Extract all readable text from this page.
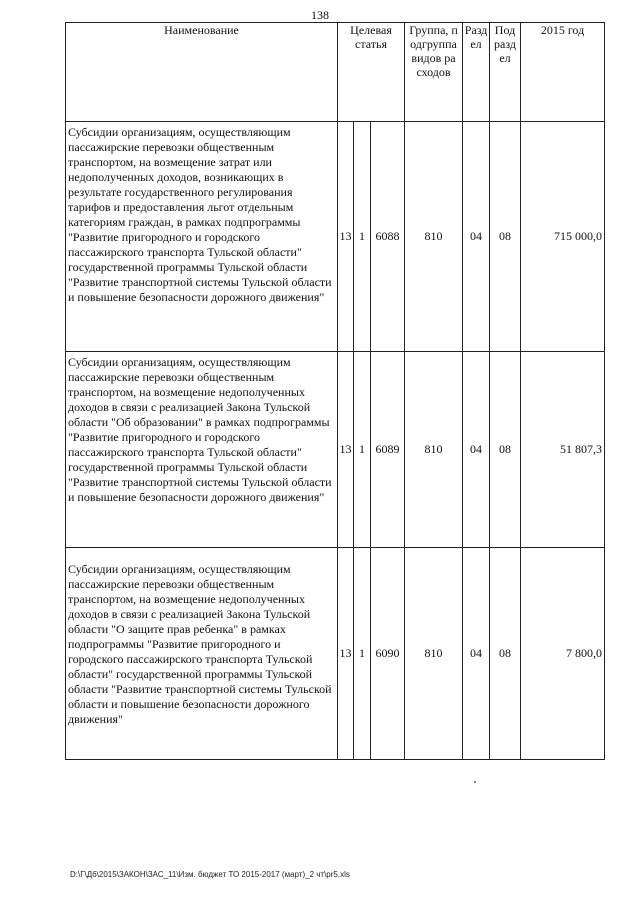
138
Наименование	Целевая статья			Группа, подгруппа видов расходов	Раздел	Подраздел	2015 год
Субсидии организациям, осуществляющим пассажирские перевозки общественным транспортом, на возмещение затрат или недополученных доходов, возникающих в результате государственного регулирования тарифов и предоставления льгот отдельным категориям граждан, в рамках подпрограммы "Развитие пригородного и городского пассажирского транспорта Тульской области" государственной программы Тульской области "Развитие транспортной системы Тульской области и повышение безопасности дорожного движения"	13	1	6088	810	04	08	715 000,0
Субсидии организациям, осуществляющим пассажирские перевозки общественным транспортом, на возмещение недополученных доходов в связи с реализацией Закона Тульской области "Об образовании" в рамках подпрограммы "Развитие пригородного и городского пассажирского транспорта Тульской области" государственной программы Тульской области "Развитие транспортной системы Тульской области и повышение безопасности дорожного движения"	13	1	6089	810	04	08	51 807,3
Субсидии организациям, осуществляющим пассажирские перевозки общественным транспортом, на возмещение недополученных доходов в связи с реализацией Закона Тульской области "О защите прав ребенка" в рамках подпрограммы "Развитие пригородного и городского пассажирского транспорта Тульской области" государственной программы Тульской области "Развитие транспортной системы Тульской области и повышение безопасности дорожного движения"	13	1	6090	810	04	08	7 800,0
D:\Г\Д6\2015\ЗАКОН\ЗАС_11\Изм. бюджет ТО 2015-2017 (март)_2 чт\pr5.xls
